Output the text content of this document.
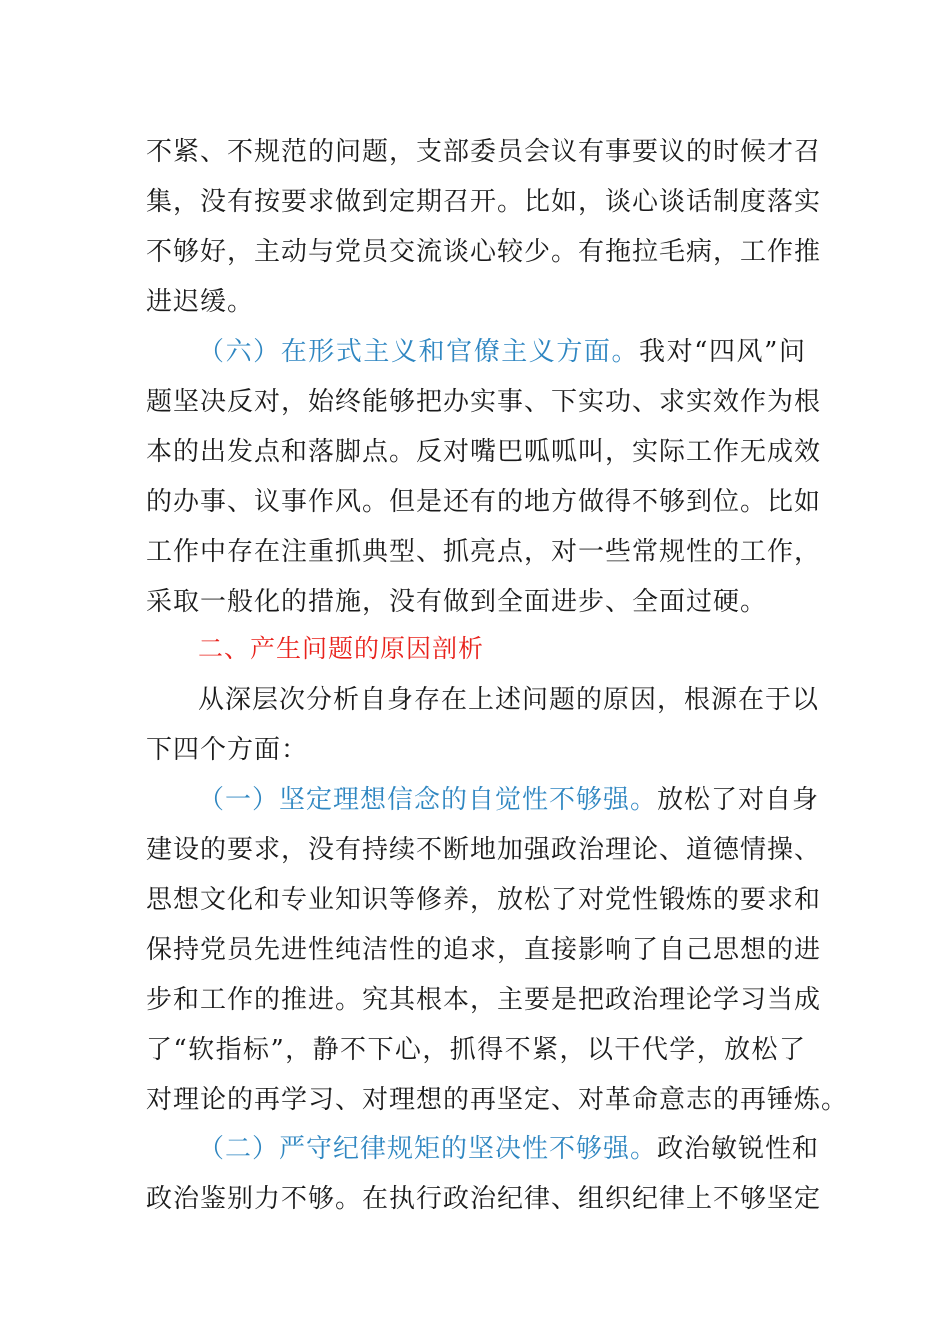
不紧、不规范的问题，支部委员会议有事要议的时候才召
集，没有按要求做到定期召开。比如，谈心谈话制度落实
不够好，主动与党员交流谈心较少。有拖拉毛病，工作推
进迟缓。
（六）在形式主义和官僚主义方面。我对“四风”问
题坚决反对，始终能够把办实事、下实功、求实效作为根
本的出发点和落脚点。反对嘴巴呱呱叫，实际工作无成效
的办事、议事作风。但是还有的地方做得不够到位。比如
工作中存在注重抓典型、抓亮点，对一些常规性的工作，
采取一般化的措施，没有做到全面进步、全面过硬。
二、产生问题的原因剖析
从深层次分析自身存在上述问题的原因，根源在于以
下四个方面：
（一）坚定理想信念的自觉性不够强。放松了对自身
建设的要求，没有持续不断地加强政治理论、道德情操、
思想文化和专业知识等修养，放松了对党性锻炼的要求和
保持党员先进性纯洁性的追求，直接影响了自己思想的进
步和工作的推进。究其根本，主要是把政治理论学习当成
了“软指标”，静不下心，抓得不紧，以干代学，放松了
对理论的再学习、对理想的再坚定、对革命意志的再锤炼。
（二）严守纪律规矩的坚决性不够强。政治敏锐性和
政治鉴别力不够。在执行政治纪律、组织纪律上不够坚定
